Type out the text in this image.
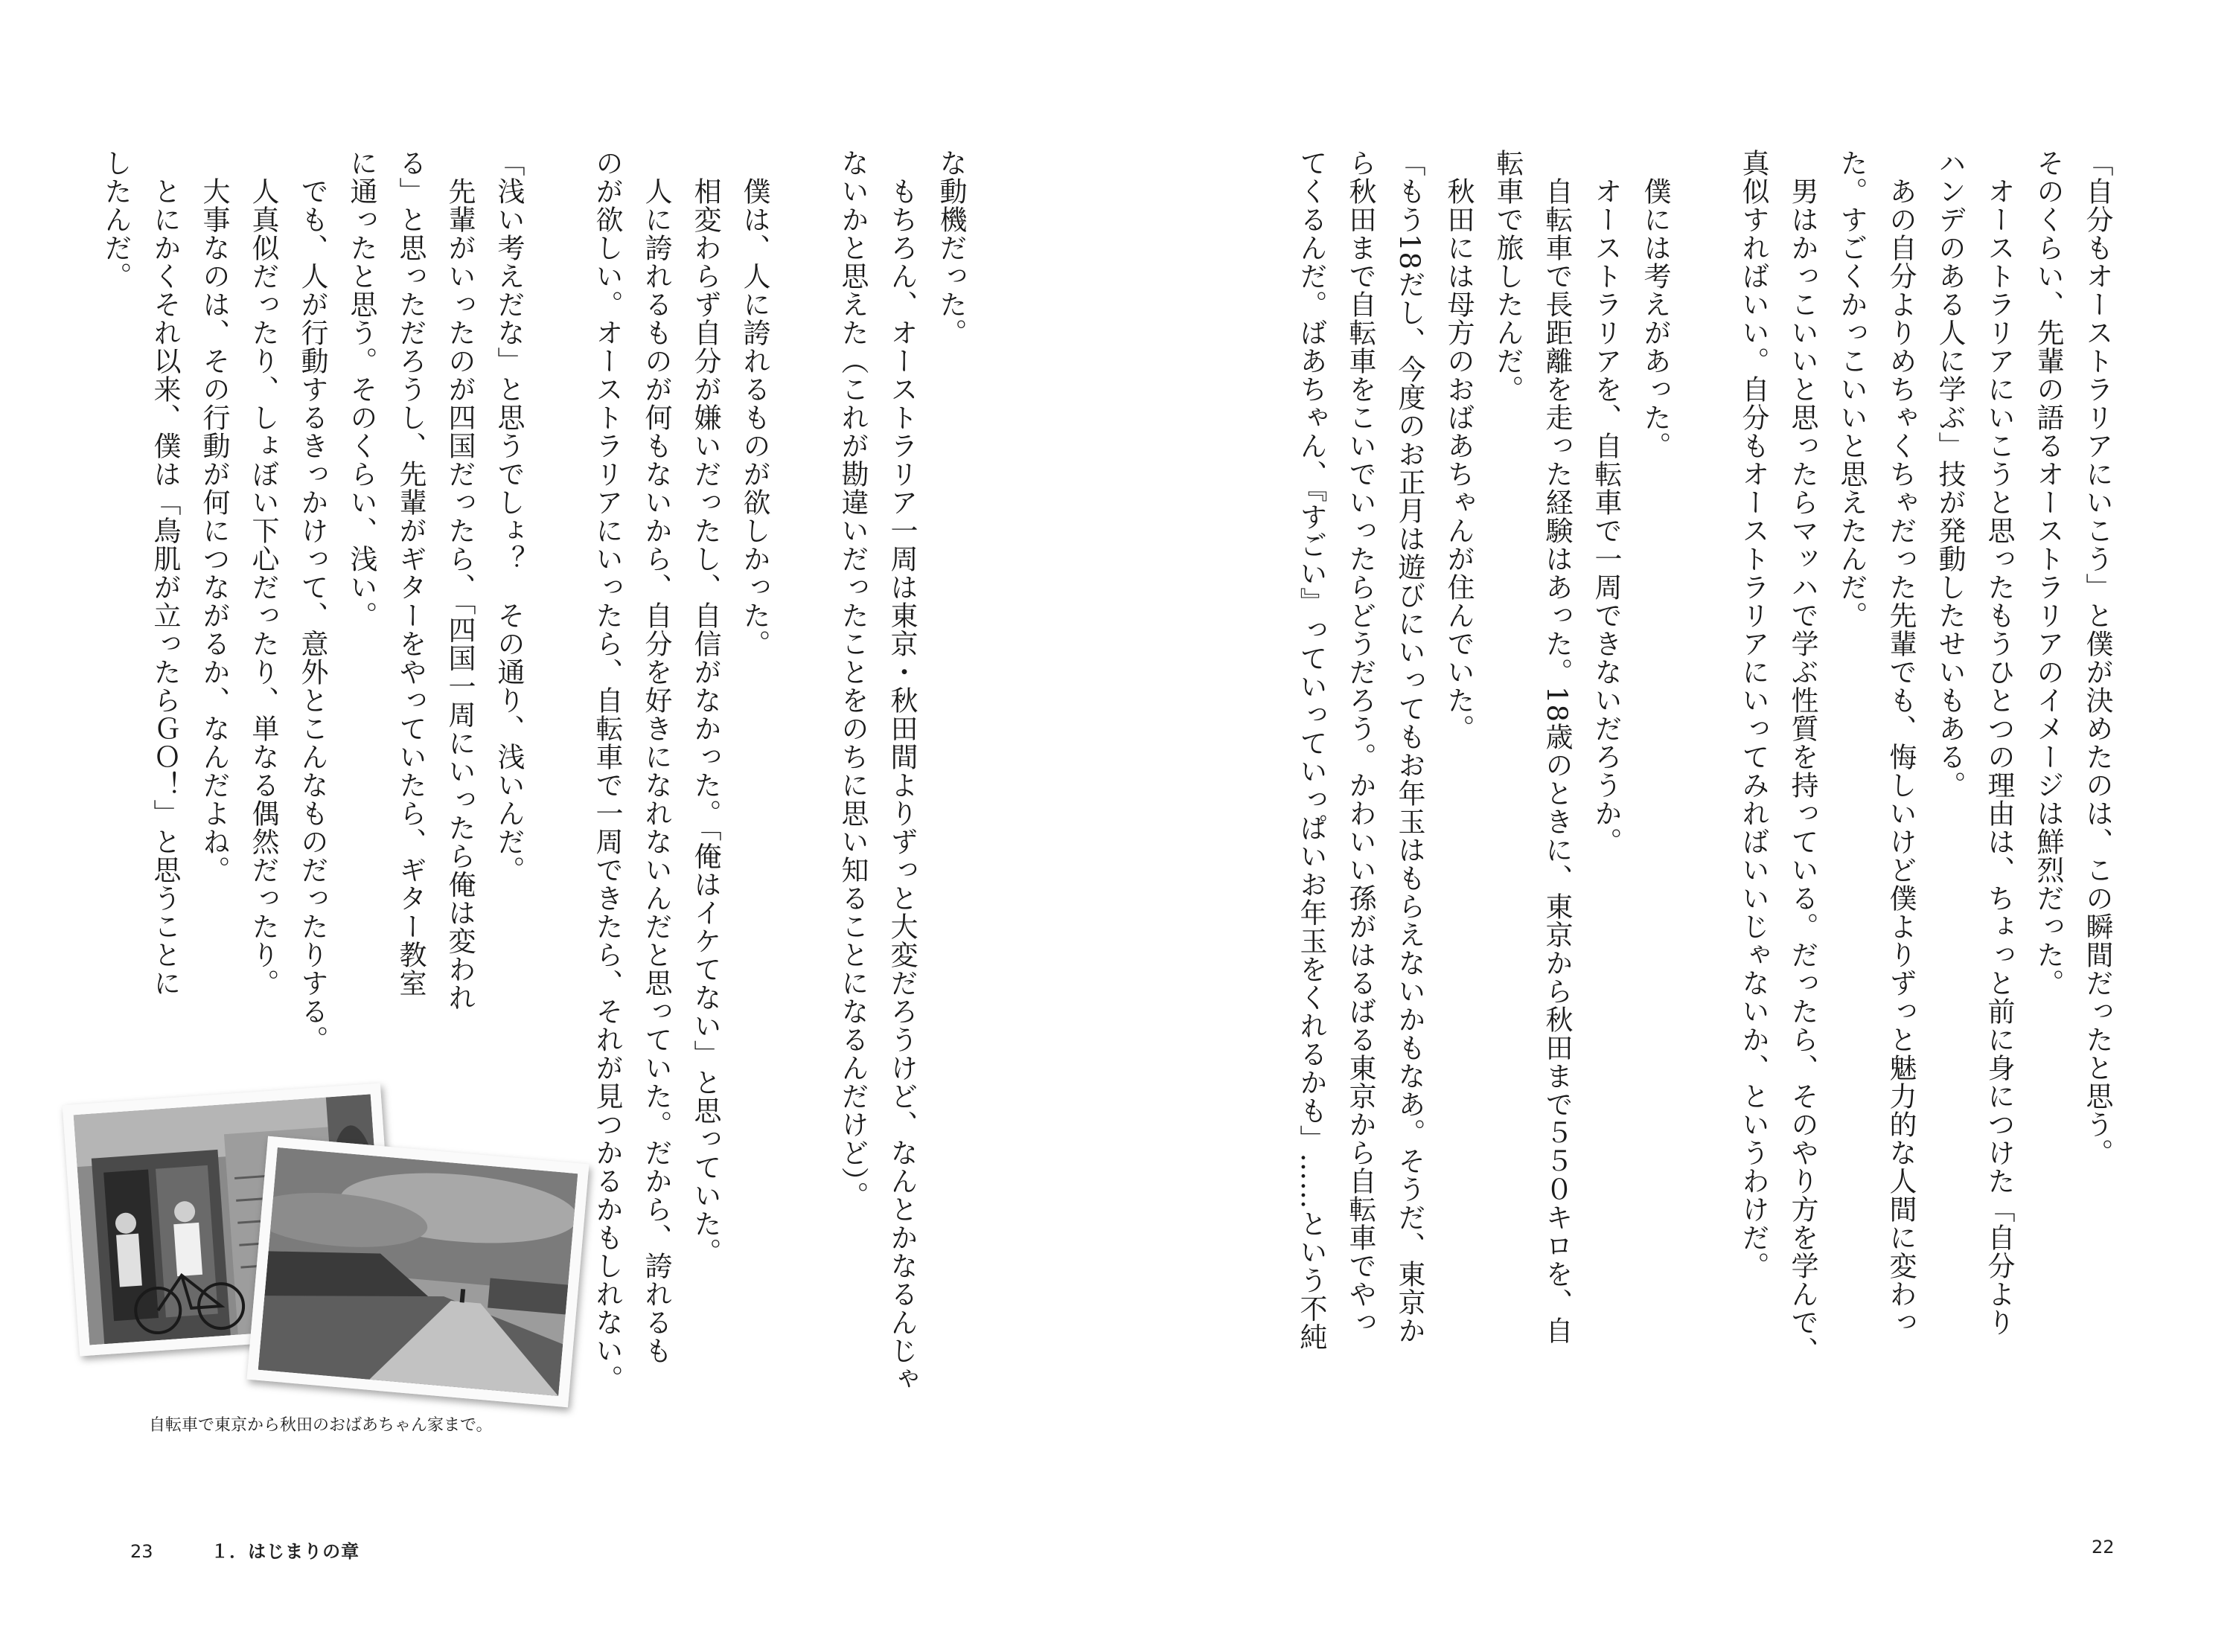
「自分もオーストラリアにいこう」と僕が決めたのは、この瞬間だったと思う。

そのくらい、先輩の語るオーストラリアのイメージは鮮烈だった。

　オーストラリアにいこうと思ったもうひとつの理由は、ちょっと前に身につけた「自分より

ハンデのある人に学ぶ」技が発動したせいもある。

　あの自分よりめちゃくちゃだった先輩でも、悔しいけど僕よりずっと魅力的な人間に変わっ

た。すごくかっこいいと思えたんだ。

　男はかっこいいと思ったらマッハで学ぶ性質を持っている。だったら、そのやり方を学んで、

真似すればいい。自分もオーストラリアにいってみればいいじゃないか、というわけだ。

　僕には考えがあった。

　オーストラリアを、自転車で一周できないだろうか。

　自転車で長距離を走った経験はあった。18歳のときに、東京から秋田まで５５０キロを、自

転車で旅したんだ。

　秋田には母方のおばあちゃんが住んでいた。

「もう18だし、今度のお正月は遊びにいってもお年玉はもらえないかもなあ。そうだ、東京か

ら秋田まで自転車をこいでいったらどうだろう。かわいい孫がはるばる東京から自転車でやっ

てくるんだ。ばあちゃん、『すごい』っていっていっぱいお年玉をくれるかも」……という不純

な動機だった。

　もちろん、オーストラリア一周は東京・秋田間よりずっと大変だろうけど、なんとかなるんじゃ

ないかと思えた（これが勘違いだったことをのちに思い知ることになるんだけど）。

　僕は、人に誇れるものが欲しかった。

　相変わらず自分が嫌いだったし、自信がなかった。「俺はイケてない」と思っていた。

　人に誇れるものが何もないから、自分を好きになれないんだと思っていた。だから、誇れるも

のが欲しい。オーストラリアにいったら、自転車で一周できたら、それが見つかるかもしれない。

「浅い考えだな」と思うでしょ？　その通り、浅いんだ。

　先輩がいったのが四国だったら、「四国一周にいったら俺は変われ

る」と思っただろうし、先輩がギターをやっていたら、ギター教室

に通ったと思う。そのくらい、浅い。

　でも、人が行動するきっかけって、意外とこんなものだったりする。

　人真似だったり、しょぼい下心だったり、単なる偶然だったり。

　大事なのは、その行動が何につながるか、なんだよね。

　とにかくそれ以来、僕は「鳥肌が立ったらＧＯ！」と思うことに

したんだ。

自転車で東京から秋田のおばあちゃん家まで。
23	１．はじまりの章	22
